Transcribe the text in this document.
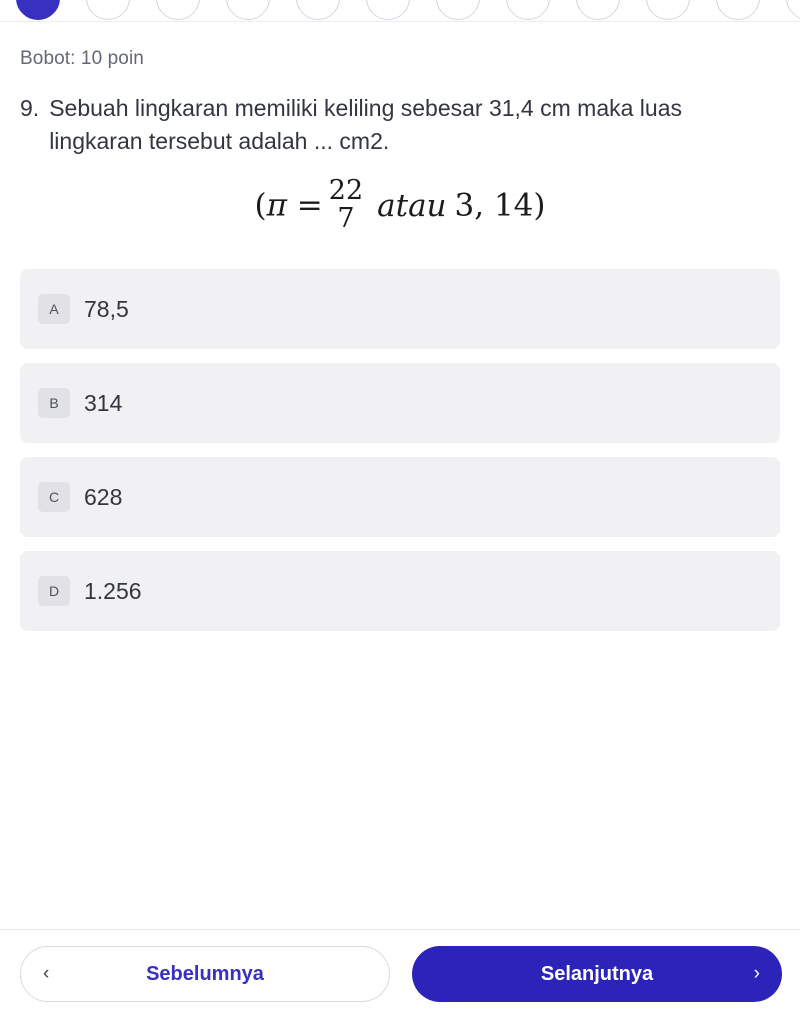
Bobot: 10 poin
9. Sebuah lingkaran memiliki keliling sebesar 31,4 cm maka luas lingkaran tersebut adalah ... cm2.
(π = 22
7 atau 3, 14)
A	78,5
B	314
C	628
D	1.256
‹	Sebelumnya	Selanjutnya	›
